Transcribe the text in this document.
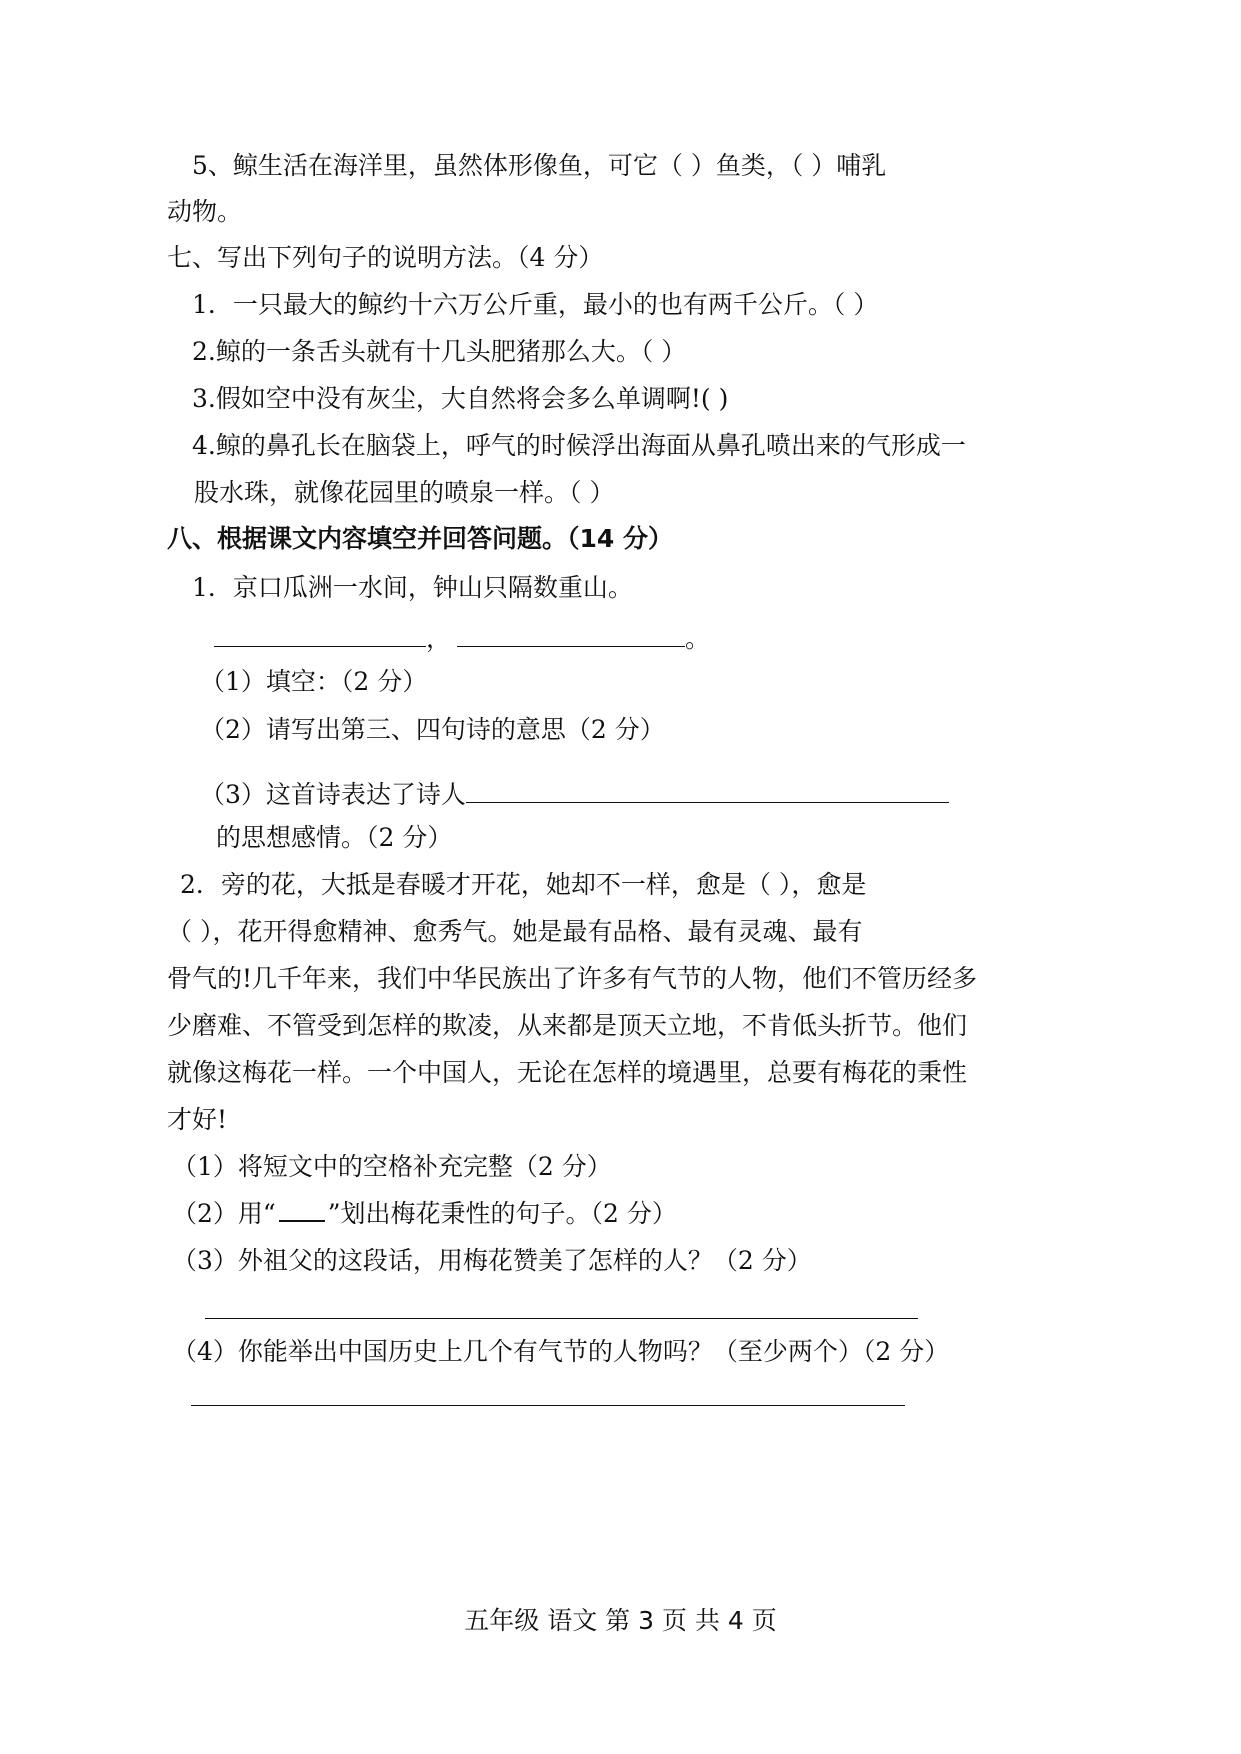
5、鲸生活在海洋里，虽然体形像鱼，可它（ ）鱼类，（ ）哺乳
动物。
七、写出下列句子的说明方法。（4 分）
1．一只最大的鲸约十六万公斤重，最小的也有两千公斤。（ ）
2.鲸的一条舌头就有十几头肥猪那么大。（ ）
3.假如空中没有灰尘，大自然将会多么单调啊!( )
4.鲸的鼻孔长在脑袋上，呼气的时候浮出海面从鼻孔喷出来的气形成一
股水珠，就像花园里的喷泉一样。（ ）
八、根据课文内容填空并回答问题。（14 分）
1．京口瓜洲一水间，钟山只隔数重山。
，	。
（1）填空：（2 分）
（2）请写出第三、四句诗的意思（2 分）
（3）这首诗表达了诗人
的思想感情。（2 分）
2．旁的花，大抵是春暖才开花，她却不一样，愈是（ ），愈是
（ ），花开得愈精神、愈秀气。她是最有品格、最有灵魂、最有
骨气的!几千年来，我们中华民族出了许多有气节的人物，他们不管历经多
少磨难、不管受到怎样的欺凌，从来都是顶天立地，不肯低头折节。他们
就像这梅花一样。一个中国人，无论在怎样的境遇里，总要有梅花的秉性
才好!
（1）将短文中的空格补充完整（2 分）
（2）用“ ”划出梅花秉性的句子。（2 分）
（3）外祖父的这段话，用梅花赞美了怎样的人？（2 分）
（4）你能举出中国历史上几个有气节的人物吗？（至少两个）（2 分）
五年级 语文 第 3 页 共 4 页
